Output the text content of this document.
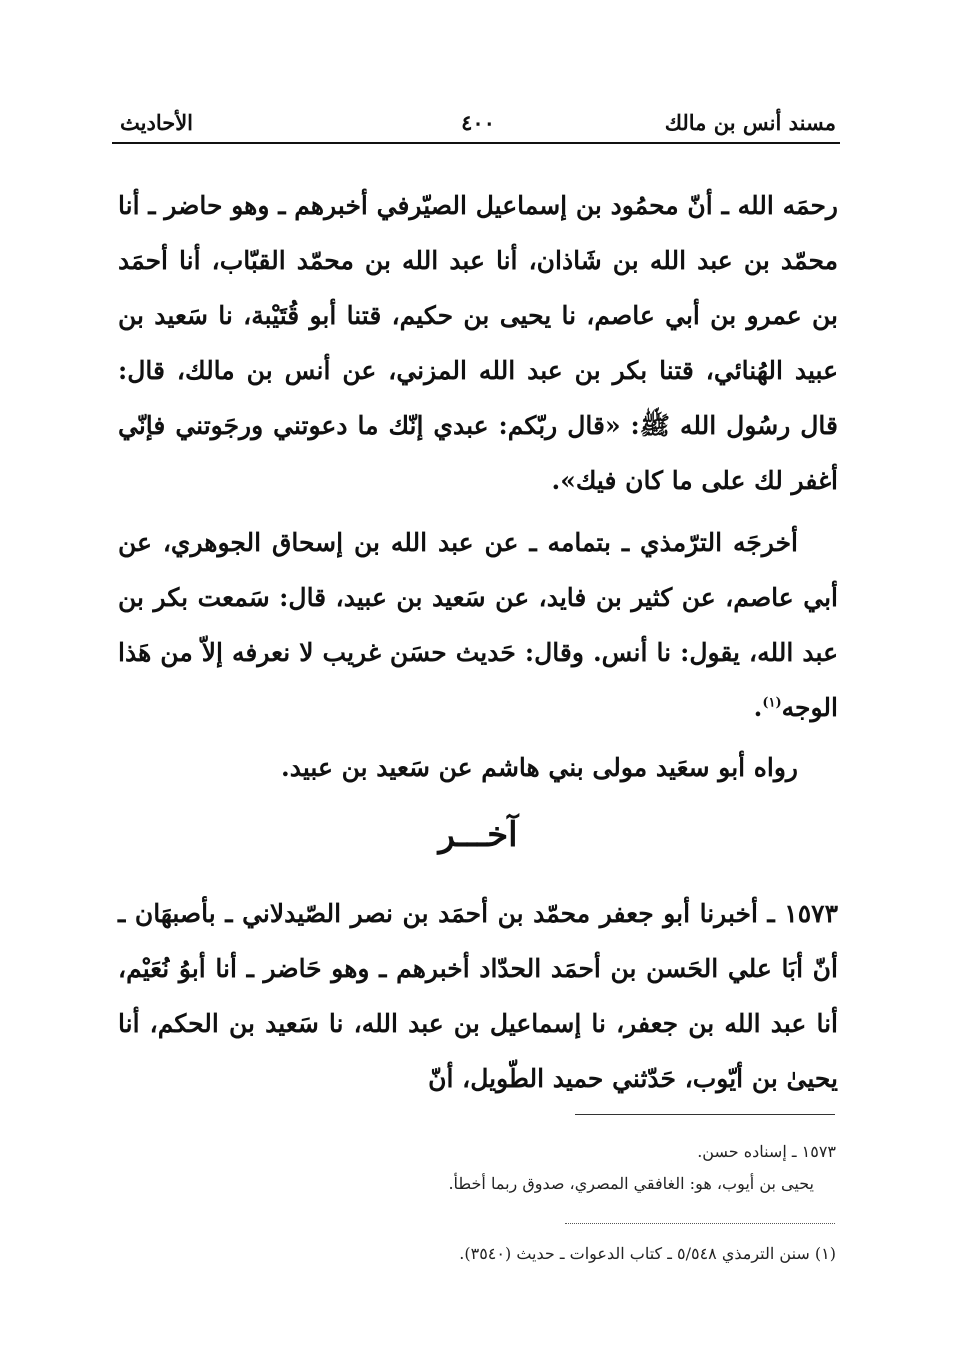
مسند أنس بن مالك
٤٠٠
الأحاديث
رحمَه الله ـ أنّ محمُود بن إسماعيل الصيّرفي أخبرهم ـ وهو حاضر ـ أنا محمّد بن عبد الله بن شَاذان، أنا عبد الله بن محمّد القبّاب، أنا أحمَد بن عمرو بن أبي عاصم، نا يحيى بن حكيم، قتنا أبو قُتَيْبة، نا سَعيد بن عبيد الهُنائي، قتنا بكر بن عبد الله المزني، عن أنس بن مالك، قال: قال رسُول الله ﷺ: «قال ربّكم: عبدي إنّك ما دعوتني ورجَوتني فإنّي أغفر لك على ما كان فيك».
أخرجَه الترّمذي ـ بتمامه ـ عن عبد الله بن إسحاق الجوهري، عن أبي عاصم، عن كثير بن فايد، عن سَعيد بن عبيد، قال: سَمعت بكر بن عبد الله، يقول: نا أنس. وقال: حَديث حسَن غريب لا نعرفه إلاّ من هَذا الوجه$^{(١)}$.
رواه أبو سعَيد مولى بني هاشم عن سَعيد بن عبيد.
آخـــر
١٥٧٣ ـ أخبرنا أبو جعفر محمّد بن أحمَد بن نصر الصّيدلاني ـ بأصبهَان ـ أنّ أبَا علي الحَسن بن أحمَد الحدّاد أخبرهم ـ وهو حَاضر ـ أنا أبوُ نُعَيْم، أنا عبد الله بن جعفر، نا إسماعيل بن عبد الله، نا سَعيد بن الحكم، أنا يحيىٰ بن أيّوب، حَدّثني حميد الطّويل، أنّ
١٥٧٣ ـ إسناده حسن.
يحيى بن أيوب، هو: الغافقي المصري، صدوق ربما أخطأ.
(١) سنن الترمذي ٥/٥٤٨ ـ كتاب الدعوات ـ حديث (٣٥٤٠).
